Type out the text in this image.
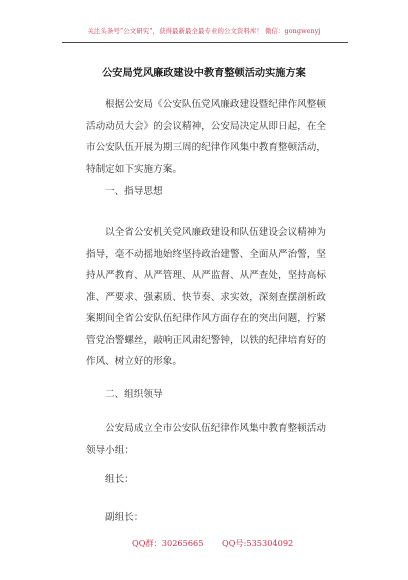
关注头条号“公文研究”，获得最新最全最专业的公文资料库！ 微信：gongwenyj
公安局党风廉政建设中教育整顿活动实施方案
根据公安局《公安队伍党风廉政建设暨纪律作风整顿
活动动员大会》的会议精神，公安局决定从即日起，在全
市公安队伍开展为期三周的纪律作风集中教育整顿活动，
特制定如下实施方案。
一、指导思想
以全省公安机关党风廉政建设和队伍建设会议精神为
指导，毫不动摇地始终坚持政治建警、全面从严治警，坚
持从严教育、从严管理、从严监督、从严查处，坚持高标
准、严要求、强素质、快节奏、求实效，深刻查摆剖析政
案期间全省公安队伍纪律作风方面存在的突出问题，拧紧
管党治警螺丝，敲响正风肃纪警钟，以铁的纪律培育好的
作风、树立好的形象。
二、组织领导
公安局成立全市公安队伍纪律作风集中教育整顿活动
领导小组：
组长：
副组长：
QQ群：30265665 QQ号:535304092
